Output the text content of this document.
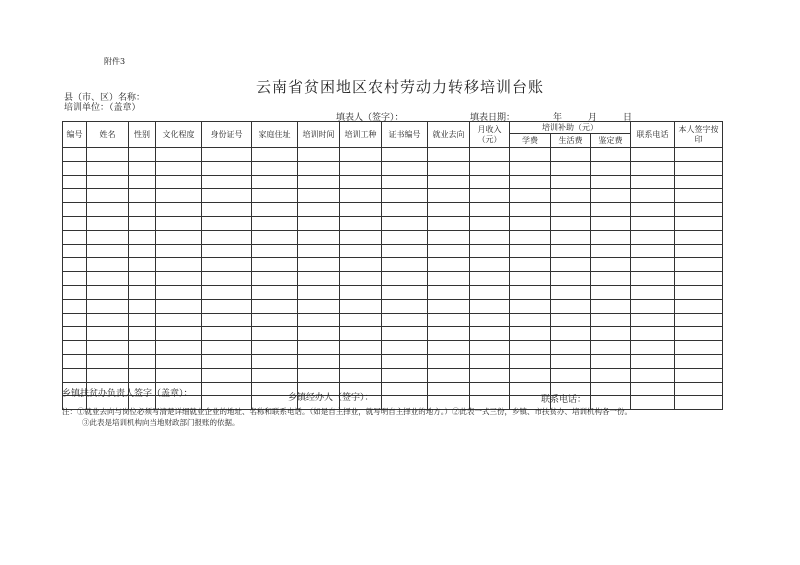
附件3
云南省贫困地区农村劳动力转移培训台账
县（市、区）名称：
培训单位：（盖章）
填表人（签字）：	填表日期：	年	月	日
编号	姓名	性别	文化程度	身份证号	家庭住址	培训时间	培训工种	证书编号	就业去向	月收入（元）	培训补助（元）			联系电话	本人签字按印
											学费	生活费	鉴定费		

乡镇扶贫办负责人签字（盖章）：	乡镇经办人（签字）：	联系电话：

注：①就业去向与岗位必须写清楚详细就业企业的地址、名称和联系电话。（如是自主择业，就写明自主择业的地方。）②此表一式三份，乡镇、市扶贫办、培训机构各一份。

③此表是培训机构向当地财政部门报账的依据。
